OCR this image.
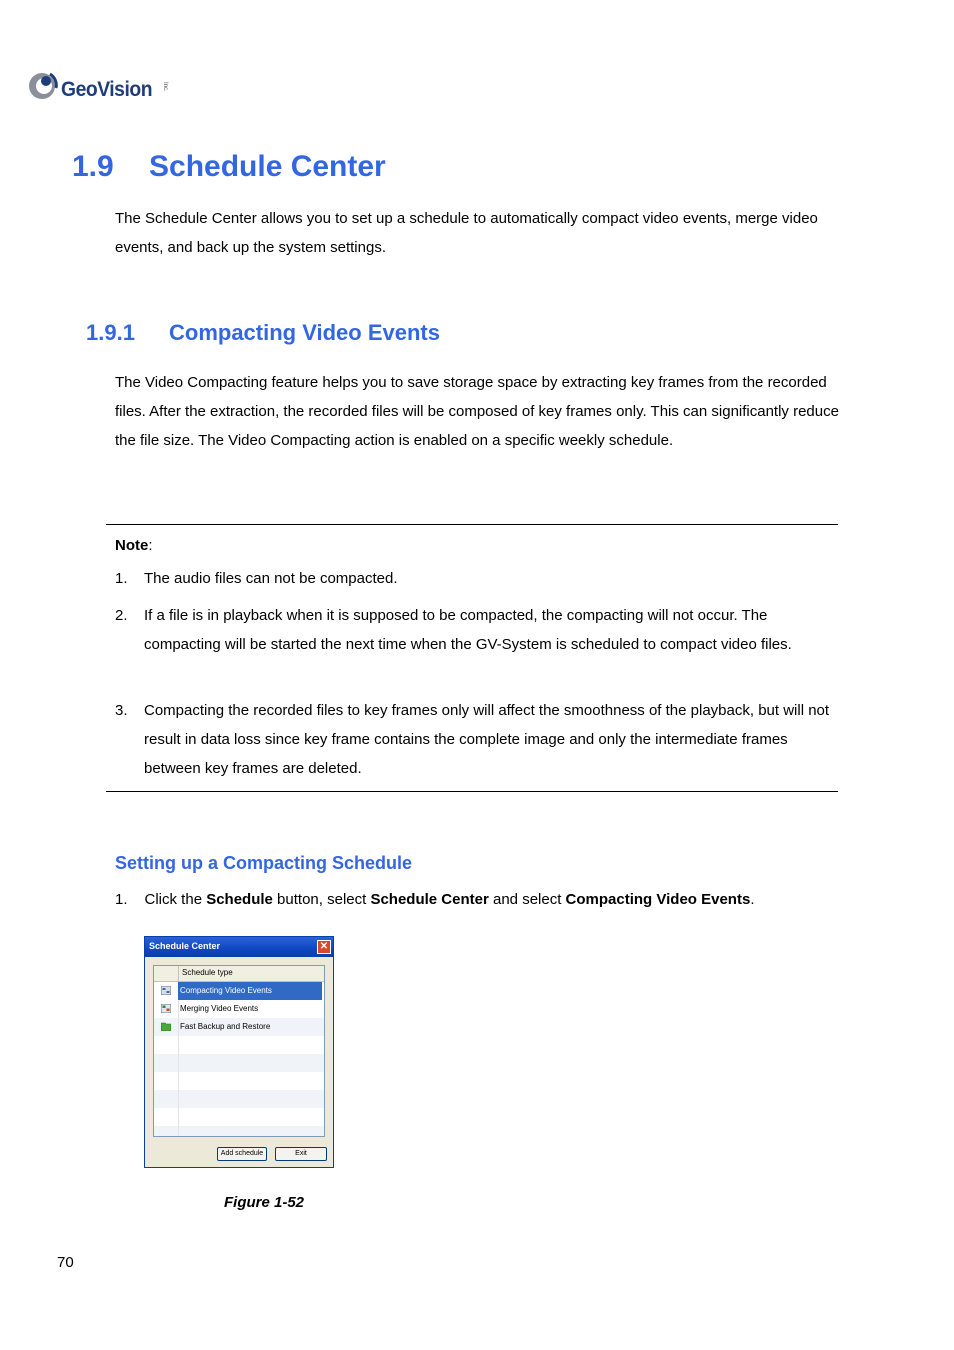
GeoVision Inc.
1.9 Schedule Center
The Schedule Center allows you to set up a schedule to automatically compact video events, merge video events, and back up the system settings.
1.9.1 Compacting Video Events
The Video Compacting feature helps you to save storage space by extracting key frames from the recorded files. After the extraction, the recorded files will be composed of key frames only. This can significantly reduce the file size. The Video Compacting action is enabled on a specific weekly schedule.
Note:
1. The audio files can not be compacted.
2. If a file is in playback when it is supposed to be compacted, the compacting will not occur. The compacting will be started the next time when the GV-System is scheduled to compact video files.
3. Compacting the recorded files to key frames only will affect the smoothness of the playback, but will not result in data loss since key frame contains the complete image and only the intermediate frames between key frames are deleted.
Setting up a Compacting Schedule
1. Click the Schedule button, select Schedule Center and select Compacting Video Events.
Schedule Center	✕
Schedule type
Compacting Video Events
Merging Video Events
Fast Backup and Restore
Add schedule	Exit
Figure 1-52
70
